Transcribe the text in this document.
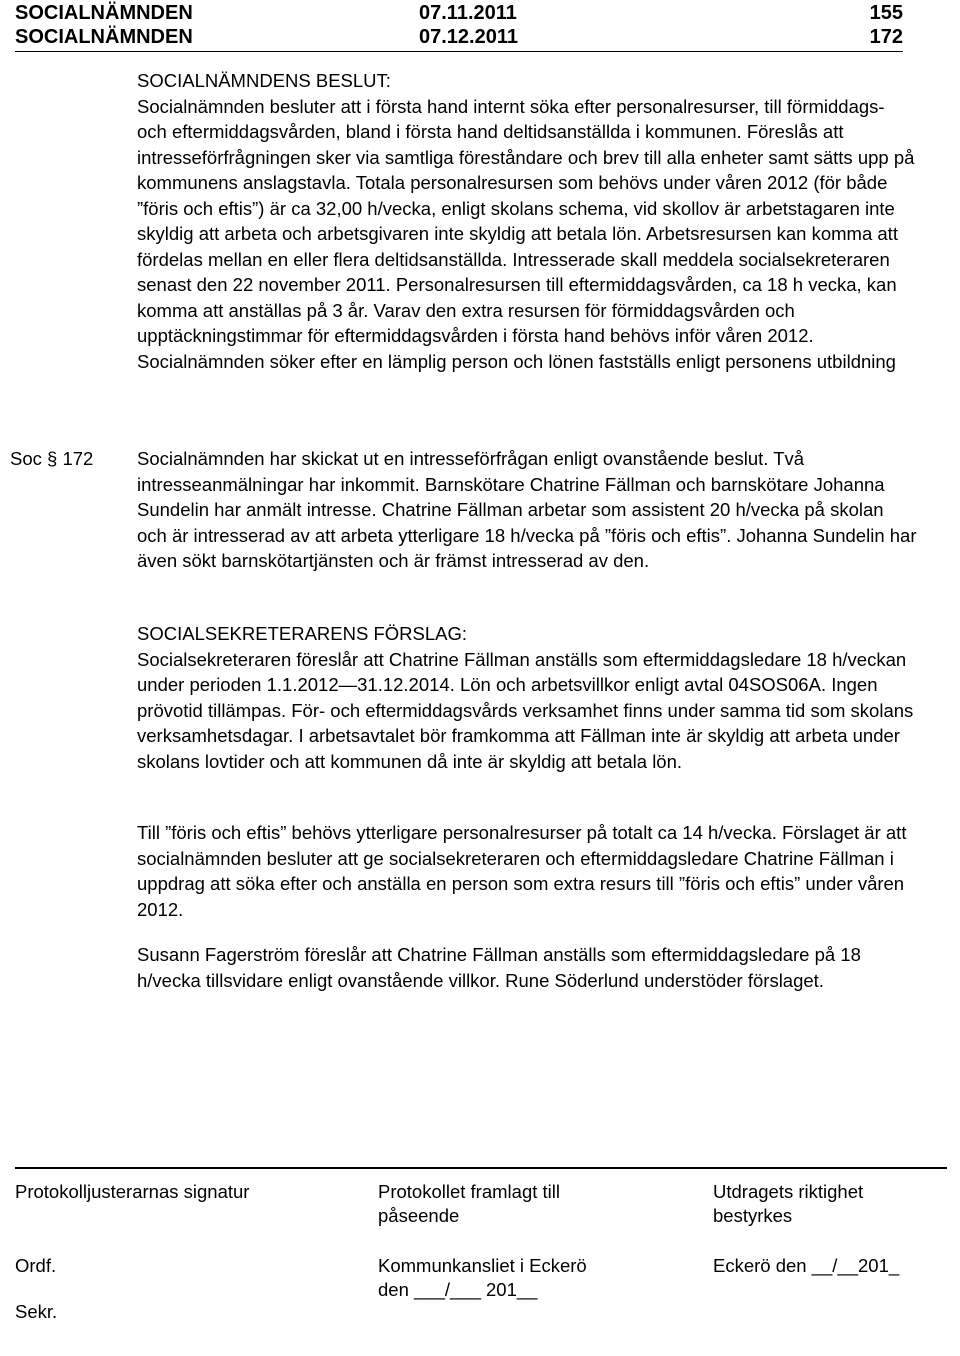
SOCIALNÄMNDEN	07.11.2011	155
SOCIALNÄMNDEN	07.12.2011	172
SOCIALNÄMNDENS BESLUT:

Socialnämnden besluter att i första hand internt söka efter personalresurser, till förmiddags- och eftermiddagsvården, bland i första hand deltidsanställda i kommunen. Föreslås att intresseförfrågningen sker via samtliga föreståndare och brev till alla enheter samt sätts upp på kommunens anslagstavla. Totala personalresursen som behövs under våren 2012 (för både ”föris och eftis”) är ca 32,00 h/vecka, enligt skolans schema, vid skollov är arbetstagaren inte skyldig att arbeta och arbetsgivaren inte skyldig att betala lön. Arbetsresursen kan komma att fördelas mellan en eller flera deltidsanställda. Intresserade skall meddela socialsekreteraren senast den 22 november 2011. Personalresursen till eftermiddagsvården, ca 18 h vecka, kan komma att anställas på 3 år. Varav den extra resursen för förmiddagsvården och upptäckningstimmar för eftermiddagsvården i första hand behövs inför våren 2012. Socialnämnden söker efter en lämplig person och lönen fastställs enligt personens utbildning

Soc § 172 Socialnämnden har skickat ut en intresseförfrågan enligt ovanstående beslut. Två intresseanmälningar har inkommit. Barnskötare Chatrine Fällman och barnskötare Johanna Sundelin har anmält intresse. Chatrine Fällman arbetar som assistent 20 h/vecka på skolan och är intresserad av att arbeta ytterligare 18 h/vecka på ”föris och eftis”. Johanna Sundelin har även sökt barnskötartjänsten och är främst intresserad av den.

SOCIALSEKRETERARENS FÖRSLAG:

Socialsekreteraren föreslår att Chatrine Fällman anställs som eftermiddagsledare 18 h/veckan under perioden 1.1.2012—31.12.2014. Lön och arbetsvillkor enligt avtal 04SOS06A. Ingen prövotid tillämpas. För- och eftermiddagsvårds verksamhet finns under samma tid som skolans verksamhetsdagar. I arbetsavtalet bör framkomma att Fällman inte är skyldig att arbeta under skolans lovtider och att kommunen då inte är skyldig att betala lön.

Till ”föris och eftis” behövs ytterligare personalresurser på totalt ca 14 h/vecka. Förslaget är att socialnämnden besluter att ge socialsekreteraren och eftermiddagsledare Chatrine Fällman i uppdrag att söka efter och anställa en person som extra resurs till ”föris och eftis” under våren 2012.

Susann Fagerström föreslår att Chatrine Fällman anställs som eftermiddagsledare på 18 h/vecka tillsvidare enligt ovanstående villkor. Rune Söderlund understöder förslaget.

Protokolljusterarnas signatur
Ordf.
Sekr.
Protokollet framlagt till
påseende
Kommunkansliet i Eckerö
den ___/___ 201__
Utdragets riktighet
bestyrkes
Eckerö den __/__201_
